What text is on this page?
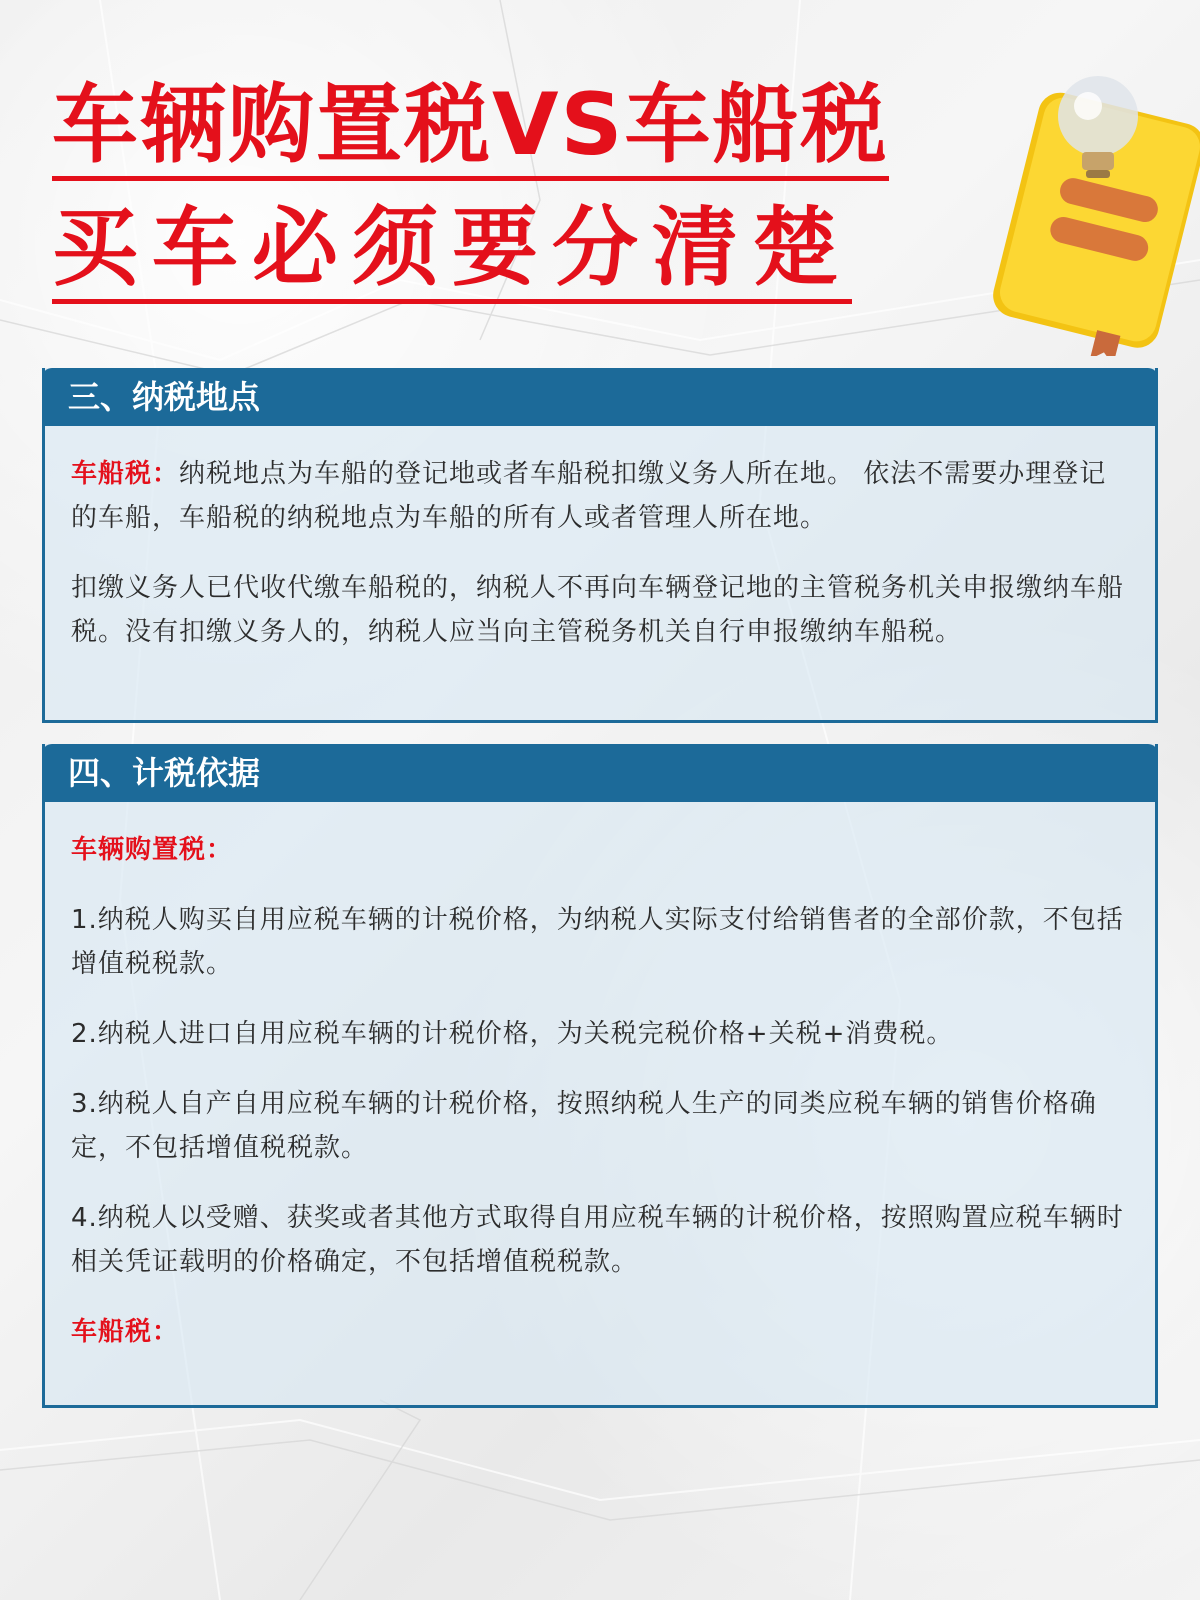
车辆购置税VS车船税
买车必须要分清楚
三、纳税地点

车船税：纳税地点为车船的登记地或者车船税扣缴义务人所在地。 依法不需要办理登记的车船，车船税的纳税地点为车船的所有人或者管理人所在地。

扣缴义务人已代收代缴车船税的，纳税人不再向车辆登记地的主管税务机关申报缴纳车船税。没有扣缴义务人的，纳税人应当向主管税务机关自行申报缴纳车船税。

四、计税依据

车辆购置税：

1.纳税人购买自用应税车辆的计税价格，为纳税人实际支付给销售者的全部价款，不包括增值税税款。

2.纳税人进口自用应税车辆的计税价格，为关税完税价格+关税+消费税。

3.纳税人自产自用应税车辆的计税价格，按照纳税人生产的同类应税车辆的销售价格确定，不包括增值税税款。

4.纳税人以受赠、获奖或者其他方式取得自用应税车辆的计税价格，按照购置应税车辆时相关凭证载明的价格确定，不包括增值税税款。

车船税：
